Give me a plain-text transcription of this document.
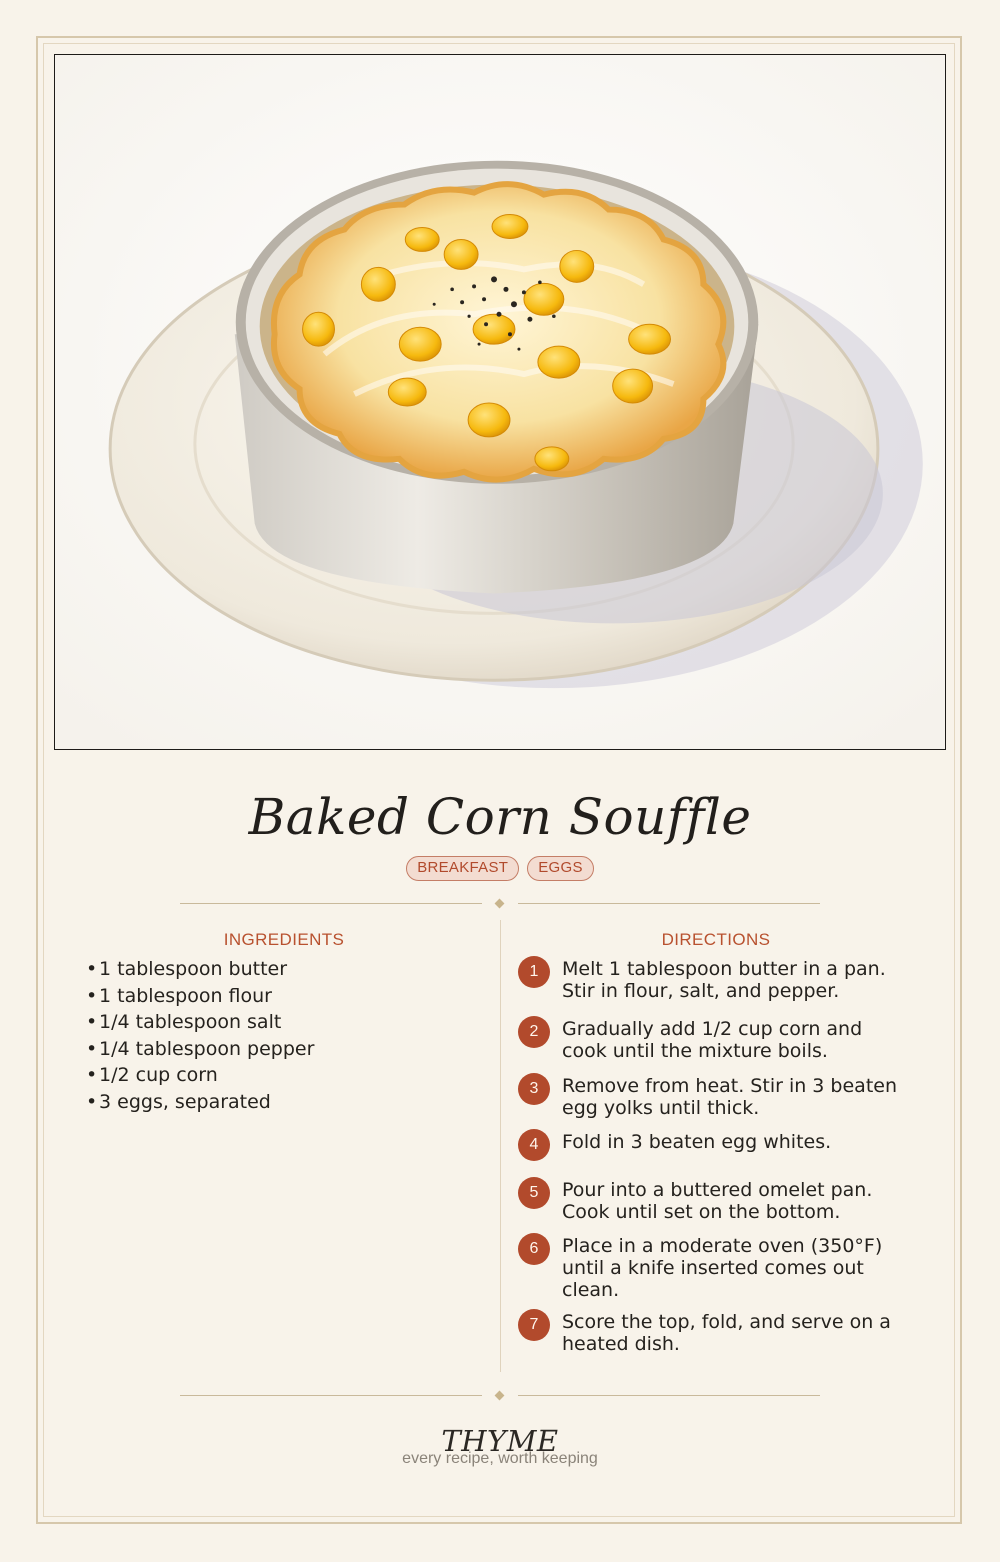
Baked Corn Souffle
BREAKFAST EGGS
INGREDIENTS
•1 tablespoon butter
•1 tablespoon flour
•1/4 tablespoon salt
•1/4 tablespoon pepper
•1/2 cup corn
•3 eggs, separated
DIRECTIONS
1	Melt 1 tablespoon butter in a pan. Stir in flour, salt, and pepper.
2	Gradually add 1/2 cup corn and cook until the mixture boils.
3	Remove from heat. Stir in 3 beaten egg yolks until thick.
4	Fold in 3 beaten egg whites.
5	Pour into a buttered omelet pan. Cook until set on the bottom.
6	Place in a moderate oven (350°F) until a knife inserted comes out clean.
7	Score the top, fold, and serve on a heated dish.
THYME
every recipe, worth keeping
